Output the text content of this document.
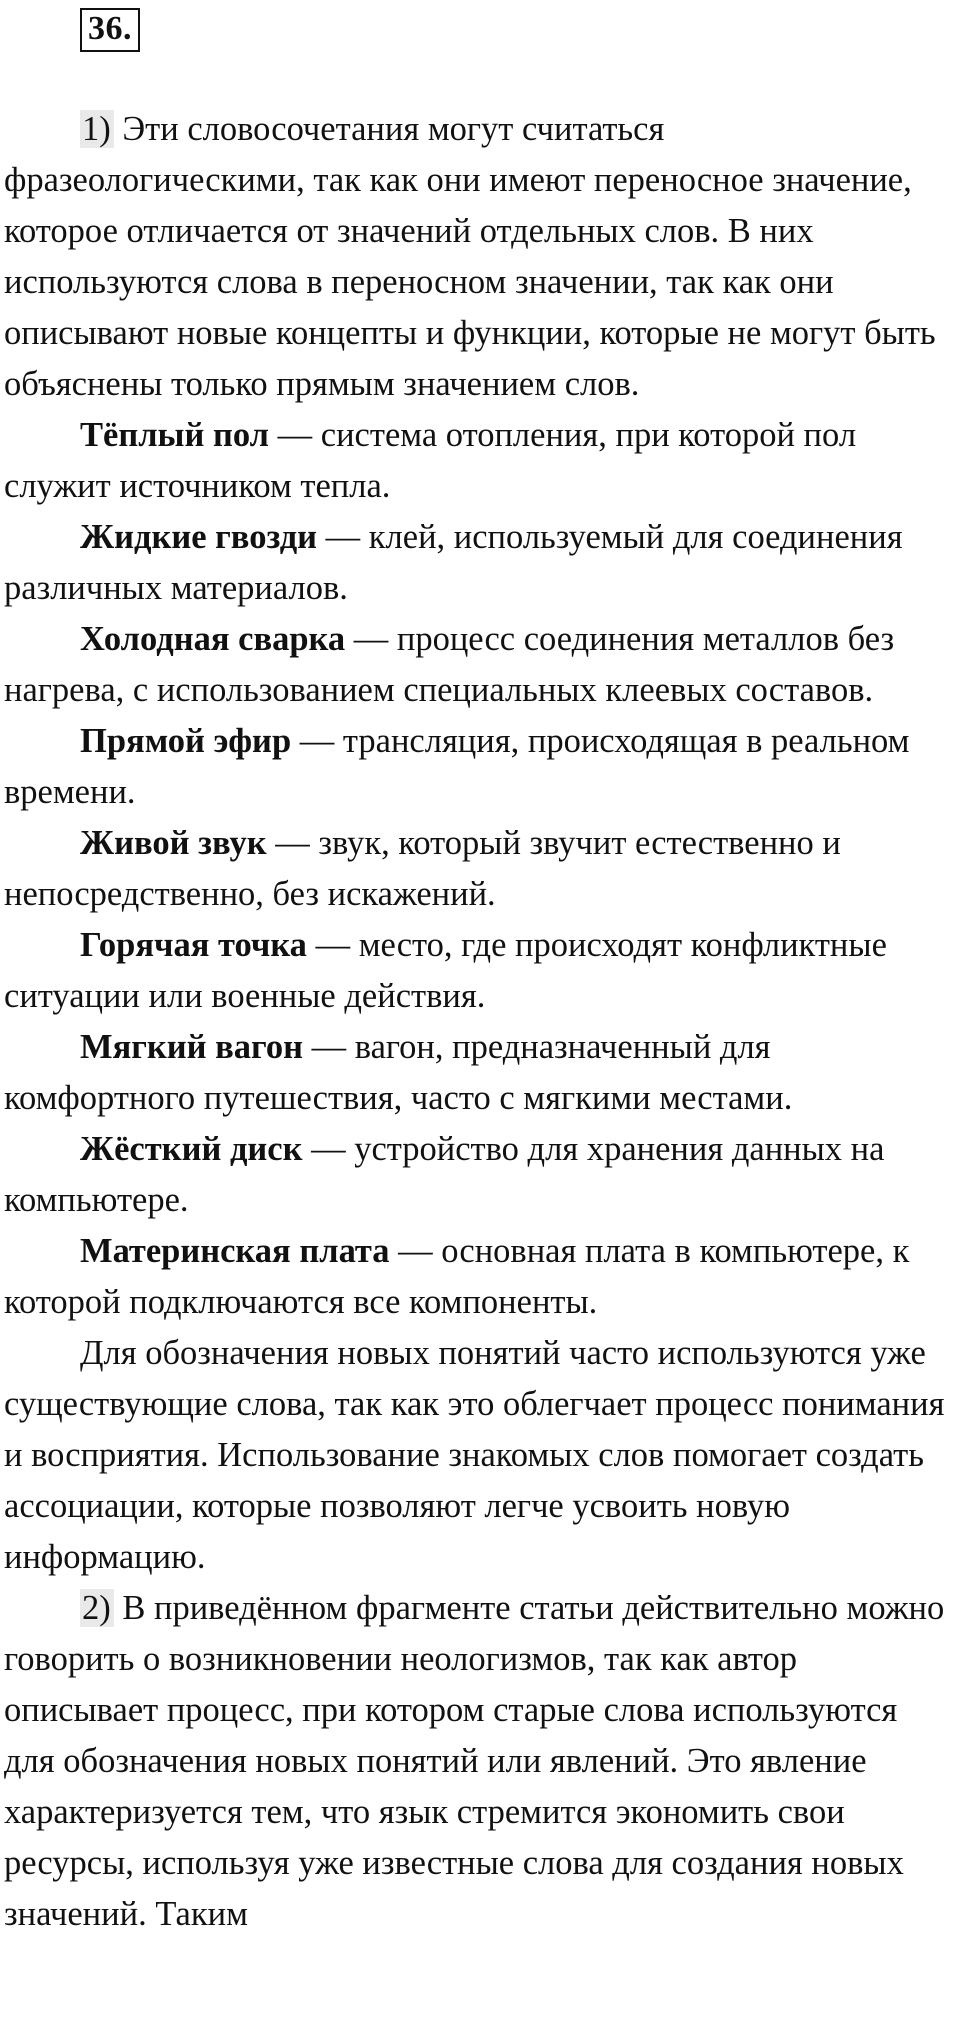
36.

1) Эти словосочетания могут считаться фразеологическими, так как они имеют переносное значение, которое отличается от значений отдельных слов. В них используются слова в переносном значении, так как они описывают новые концепты и функции, которые не могут быть объяснены только прямым значением слов.

Тёплый пол — система отопления, при которой пол служит источником тепла.

Жидкие гвозди — клей, используемый для соединения различных материалов.

Холодная сварка — процесс соединения металлов без нагрева, с использованием специальных клеевых составов.

Прямой эфир — трансляция, происходящая в реальном времени.

Живой звук — звук, который звучит естественно и непосредственно, без искажений.

Горячая точка — место, где происходят конфликтные ситуации или военные действия.

Мягкий вагон — вагон, предназначенный для комфортного путешествия, часто с мягкими местами.

Жёсткий диск — устройство для хранения данных на компьютере.

Материнская плата — основная плата в компьютере, к которой подключаются все компоненты.

Для обозначения новых понятий часто используются уже существующие слова, так как это облегчает процесс понимания и восприятия. Использование знакомых слов помогает создать ассоциации, которые позволяют легче усвоить новую информацию.

2) В приведённом фрагменте статьи действительно можно говорить о возникновении неологизмов, так как автор описывает процесс, при котором старые слова используются для обозначения новых понятий или явлений. Это явление характеризуется тем, что язык стремится экономить свои ресурсы, используя уже известные слова для создания новых значений. Таким
